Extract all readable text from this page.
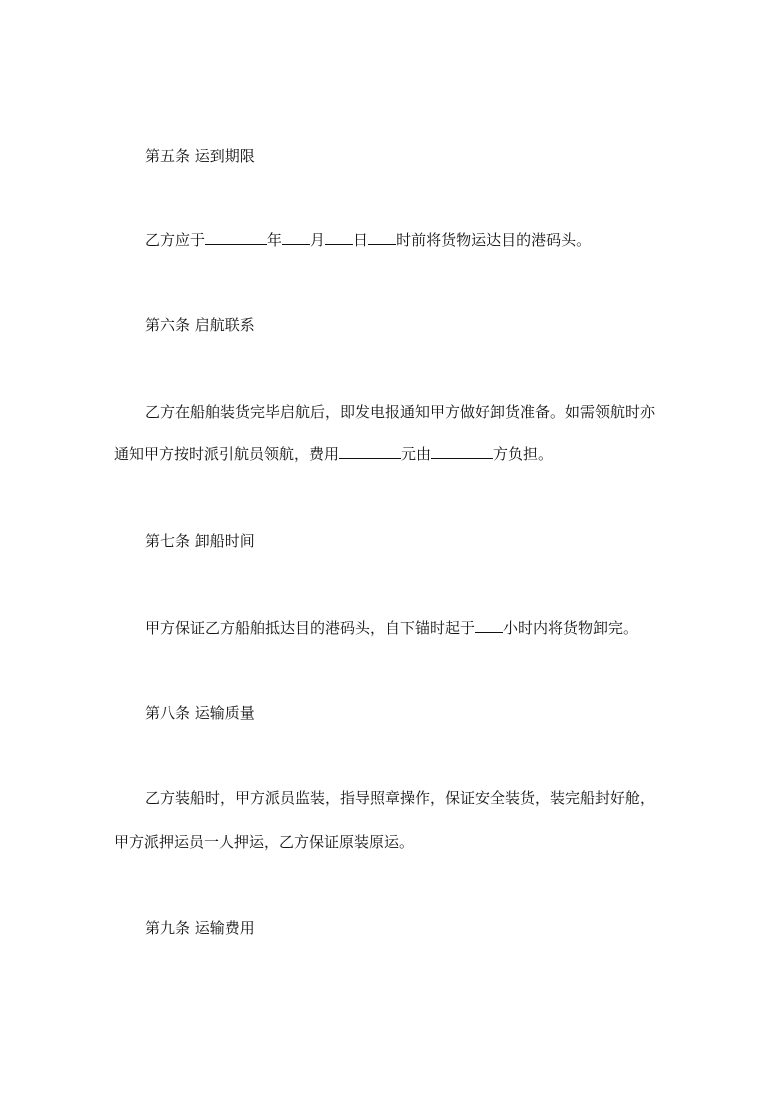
第五条 运到期限
乙方应于	年 月 日 时前将货物运达目的港码头。
第六条 启航联系
乙方在船舶装货完毕启航后，即发电报通知甲方做好卸货准备。如需领航时亦
通知甲方按时派引航员领航，费用	元由	方负担。
第七条 卸船时间
甲方保证乙方船舶抵达目的港码头，自下锚时起于 小时内将货物卸完。
第八条 运输质量
乙方装船时，甲方派员监装，指导照章操作，保证安全装货，装完船封好舱，
甲方派押运员一人押运，乙方保证原装原运。
第九条 运输费用
